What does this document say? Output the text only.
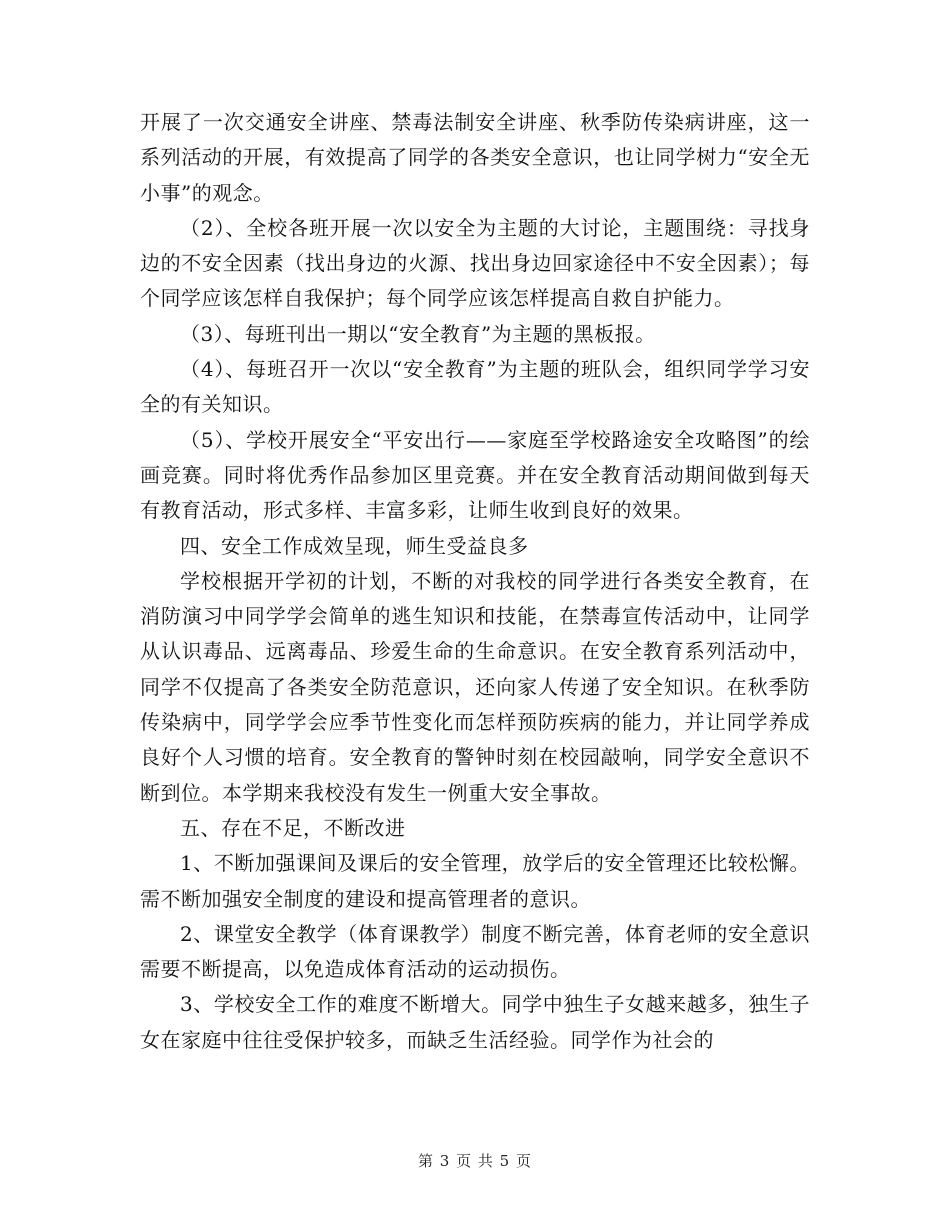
开展了一次交通安全讲座、禁毒法制安全讲座、秋季防传染病讲座，这一系列活动的开展，有效提高了同学的各类安全意识，也让同学树力“安全无小事”的观念。

（2）、全校各班开展一次以安全为主题的大讨论，主题围绕：寻找身边的不安全因素（找出身边的火源、找出身边回家途径中不安全因素）；每个同学应该怎样自我保护；每个同学应该怎样提高自救自护能力。

（3）、每班刊出一期以“安全教育”为主题的黑板报。

（4）、每班召开一次以“安全教育”为主题的班队会，组织同学学习安全的有关知识。

（5）、学校开展安全“平安出行——家庭至学校路途安全攻略图”的绘画竞赛。同时将优秀作品参加区里竞赛。并在安全教育活动期间做到每天有教育活动，形式多样、丰富多彩，让师生收到良好的效果。

四、安全工作成效呈现，师生受益良多

学校根据开学初的计划，不断的对我校的同学进行各类安全教育，在消防演习中同学学会简单的逃生知识和技能，在禁毒宣传活动中，让同学从认识毒品、远离毒品、珍爱生命的生命意识。在安全教育系列活动中，同学不仅提高了各类安全防范意识，还向家人传递了安全知识。在秋季防传染病中，同学学会应季节性变化而怎样预防疾病的能力，并让同学养成良好个人习惯的培育。安全教育的警钟时刻在校园敲响，同学安全意识不断到位。本学期来我校没有发生一例重大安全事故。

五、存在不足，不断改进

1、不断加强课间及课后的安全管理，放学后的安全管理还比较松懈。需不断加强安全制度的建设和提高管理者的意识。

2、课堂安全教学（体育课教学）制度不断完善，体育老师的安全意识需要不断提高，以免造成体育活动的运动损伤。

3、学校安全工作的难度不断增大。同学中独生子女越来越多，独生子女在家庭中往往受保护较多，而缺乏生活经验。同学作为社会的

第 3 页 共 5 页
